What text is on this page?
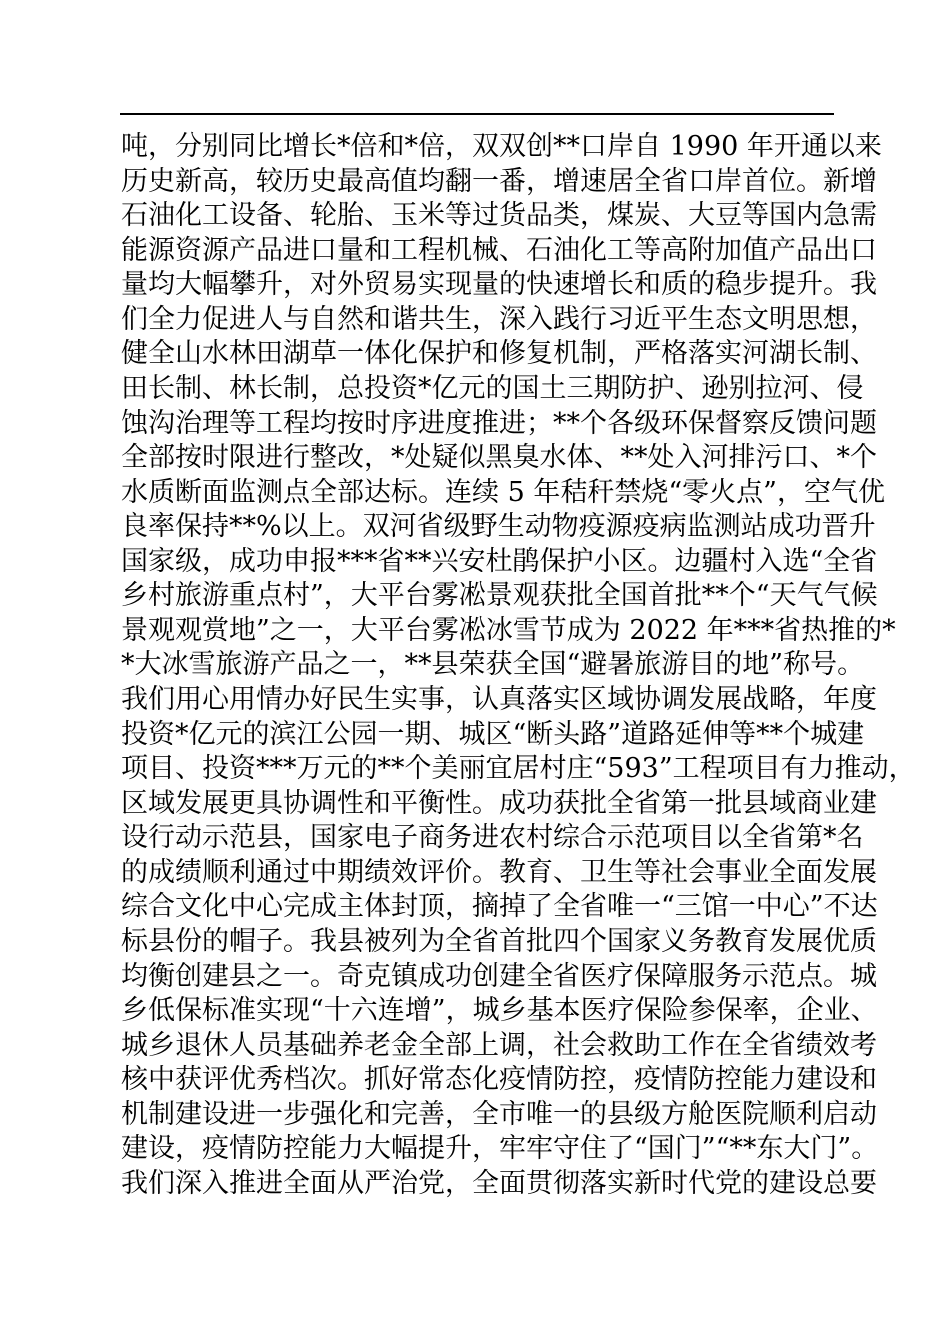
吨，分别同比增长*倍和*倍，双双创**口岸自 1990 年开通以来
历史新高，较历史最高值均翻一番，增速居全省口岸首位。新增
石油化工设备、轮胎、玉米等过货品类，煤炭、大豆等国内急需
能源资源产品进口量和工程机械、石油化工等高附加值产品出口
量均大幅攀升，对外贸易实现量的快速增长和质的稳步提升。我
们全力促进人与自然和谐共生，深入践行习近平生态文明思想，
健全山水林田湖草一体化保护和修复机制，严格落实河湖长制、
田长制、林长制，总投资*亿元的国土三期防护、逊别拉河、侵
蚀沟治理等工程均按时序进度推进；**个各级环保督察反馈问题
全部按时限进行整改，*处疑似黑臭水体、**处入河排污口、*个
水质断面监测点全部达标。连续 5 年秸秆禁烧“零火点”，空气优
良率保持**%以上。双河省级野生动物疫源疫病监测站成功晋升
国家级，成功申报***省**兴安杜鹃保护小区。边疆村入选“全省
乡村旅游重点村”，大平台雾凇景观获批全国首批**个“天气气候
景观观赏地”之一，大平台雾凇冰雪节成为 2022 年***省热推的*
*大冰雪旅游产品之一，**县荣获全国“避暑旅游目的地”称号。
我们用心用情办好民生实事，认真落实区域协调发展战略，年度
投资*亿元的滨江公园一期、城区“断头路”道路延伸等**个城建
项目、投资***万元的**个美丽宜居村庄“593”工程项目有力推动，
区域发展更具协调性和平衡性。成功获批全省第一批县域商业建
设行动示范县，国家电子商务进农村综合示范项目以全省第*名
的成绩顺利通过中期绩效评价。教育、卫生等社会事业全面发展
综合文化中心完成主体封顶，摘掉了全省唯一“三馆一中心”不达
标县份的帽子。我县被列为全省首批四个国家义务教育发展优质
均衡创建县之一。奇克镇成功创建全省医疗保障服务示范点。城
乡低保标准实现“十六连增”，城乡基本医疗保险参保率，企业、
城乡退休人员基础养老金全部上调，社会救助工作在全省绩效考
核中获评优秀档次。抓好常态化疫情防控，疫情防控能力建设和
机制建设进一步强化和完善，全市唯一的县级方舱医院顺利启动
建设，疫情防控能力大幅提升，牢牢守住了“国门”“**东大门”。
我们深入推进全面从严治党，全面贯彻落实新时代党的建设总要
